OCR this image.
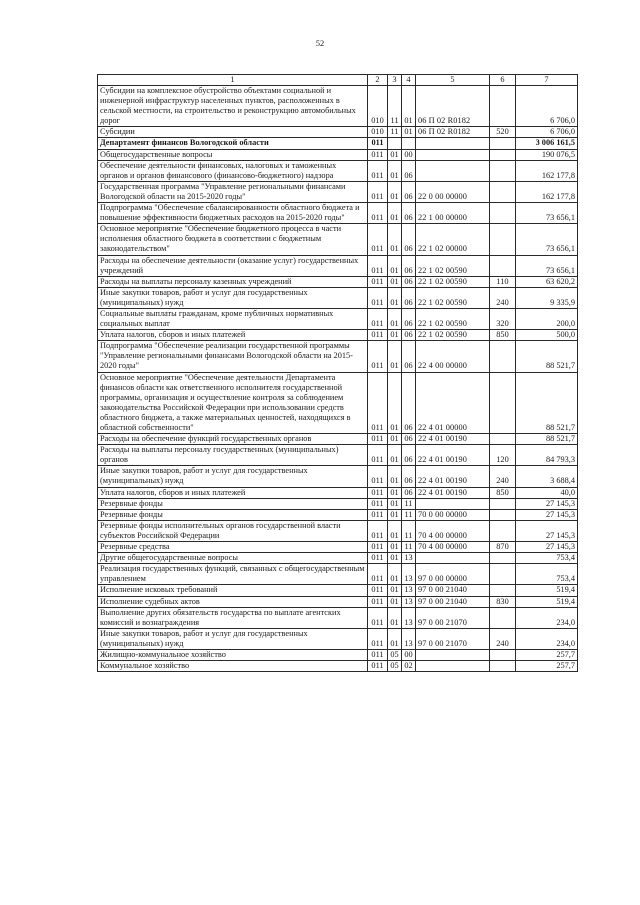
52
1	2	3	4	5	6	7
Субсидии на комплексное обустройство объектами социальной и инженерной инфраструктур населенных пунктов, расположенных в сельской местности, на строительство и реконструкцию автомобильных дорог	010	11	01	06 П 02 R0182		6 706,0
Субсидии	010	11	01	06 П 02 R0182	520	6 706,0
Департамент финансов Вологодской области	011					3 006 161,5
Общегосударственные вопросы	011	01	00			190 076,5
Обеспечение деятельности финансовых, налоговых и таможенных органов и органов финансового (финансово-бюджетного) надзора	011	01	06			162 177,8
Государственная программа "Управление региональными финансами Вологодской области на 2015-2020 годы"	011	01	06	22 0 00 00000		162 177,8
Подпрограмма "Обеспечение сбалансированности областного бюджета и повышение эффективности бюджетных расходов на 2015-2020 годы"	011	01	06	22 1 00 00000		73 656,1
Основное мероприятие "Обеспечение бюджетного процесса в части исполнения областного бюджета в соответствии с бюджетным законодательством"	011	01	06	22 1 02 00000		73 656,1
Расходы на обеспечение деятельности (оказание услуг) государственных учреждений	011	01	06	22 1 02 00590		73 656,1
Расходы на выплаты персоналу казенных учреждений	011	01	06	22 1 02 00590	110	63 620,2
Иные закупки товаров, работ и услуг для государственных (муниципальных) нужд	011	01	06	22 1 02 00590	240	9 335,9
Социальные выплаты гражданам, кроме публичных нормативных социальных выплат	011	01	06	22 1 02 00590	320	200,0
Уплата налогов, сборов и иных платежей	011	01	06	22 1 02 00590	850	500,0
Подпрограмма "Обеспечение реализации государственной программы "Управление региональными финансами Вологодской области на 2015-2020 годы"	011	01	06	22 4 00 00000		88 521,7
Основное мероприятие "Обеспечение деятельности Департамента финансов области как ответственного исполнителя государственной программы, организация и осуществление контроля за соблюдением законодательства Российской Федерации при использовании средств областного бюджета, а также материальных ценностей, находящихся в областной собственности"	011	01	06	22 4 01 00000		88 521,7
Расходы на обеспечение функций государственных органов	011	01	06	22 4 01 00190		88 521,7
Расходы на выплаты персоналу государственных (муниципальных) органов	011	01	06	22 4 01 00190	120	84 793,3
Иные закупки товаров, работ и услуг для государственных (муниципальных) нужд	011	01	06	22 4 01 00190	240	3 688,4
Уплата налогов, сборов и иных платежей	011	01	06	22 4 01 00190	850	40,0
Резервные фонды	011	01	11			27 145,3
Резервные фонды	011	01	11	70 0 00 00000		27 145,3
Резервные фонды исполнительных органов государственной власти субъектов Российской Федерации	011	01	11	70 4 00 00000		27 145,3
Резервные средства	011	01	11	70 4 00 00000	870	27 145,3
Другие общегосударственные вопросы	011	01	13			753,4
Реализация государственных функций, связанных с общегосударственным управлением	011	01	13	97 0 00 00000		753,4
Исполнение исковых требований	011	01	13	97 0 00 21040		519,4
Исполнение судебных актов	011	01	13	97 0 00 21040	830	519,4
Выполнение других обязательств государства по выплате агентских комиссий и вознаграждения	011	01	13	97 0 00 21070		234,0
Иные закупки товаров, работ и услуг для государственных (муниципальных) нужд	011	01	13	97 0 00 21070	240	234,0
Жилищно-коммунальное хозяйство	011	05	00			257,7
Коммунальное хозяйство	011	05	02			257,7
